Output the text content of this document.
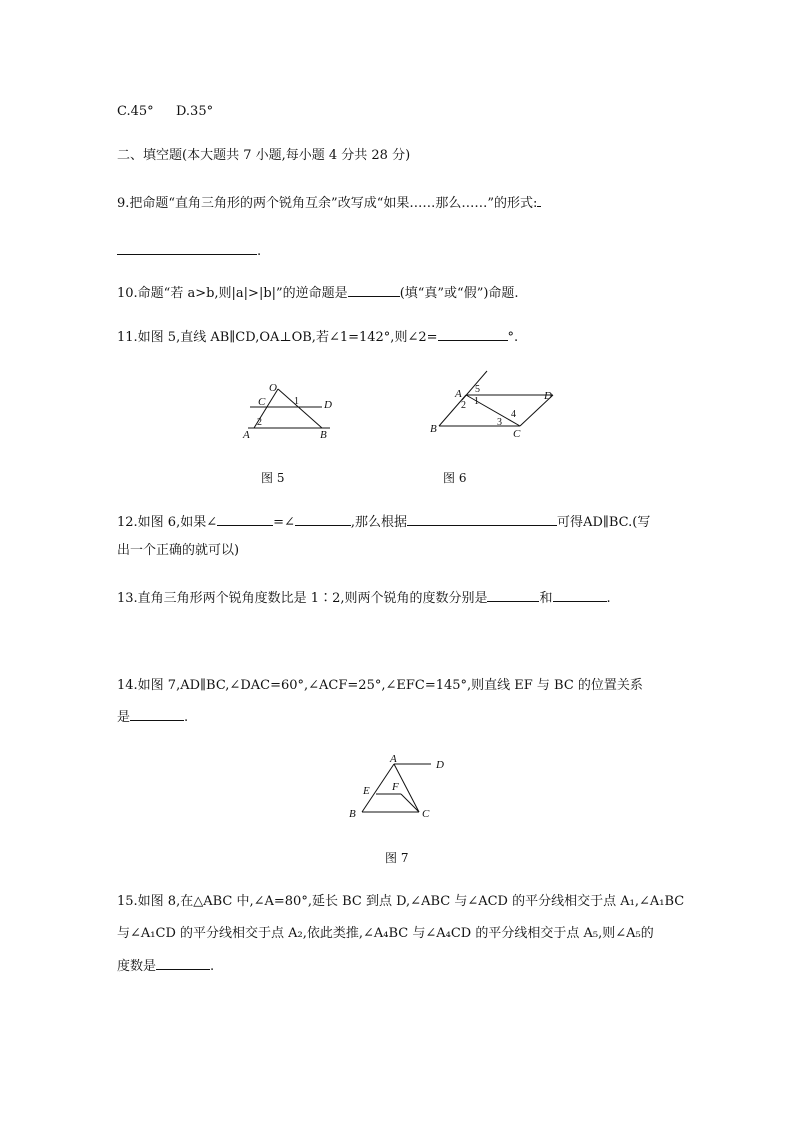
C.45° D.35°
二、填空题(本大题共 7 小题,每小题 4 分共 28 分)
9.把命题“直角三角形的两个锐角互余”改写成“如果……那么……”的形式:
.
10.命题“若 a>b,则|a|>|b|”的逆命题是	(填“真”或“假”)命题.
11.如图 5,直线 AB∥CD,OA⊥OB,若∠1=142°,则∠2=	°.
O
C	D
A	B
1
2
图 5
A	D
B	C
5
2 1
3
4
图 6
12.如图 6,如果∠	=∠	,那么根据	可得AD∥BC.(写
出一个正确的就可以)
13.直角三角形两个锐角度数比是 1∶2,则两个锐角的度数分别是	和	.
14.如图 7,AD∥BC,∠DAC=60°,∠ACF=25°,∠EFC=145°,则直线 EF 与 BC 的位置关系
是	.
A	D
E F
B	C
图 7
15.如图 8,在△ABC 中,∠A=80°,延长 BC 到点 D,∠ABC 与∠ACD 的平分线相交于点 A₁,∠A₁BC
与∠A₁CD 的平分线相交于点 A₂,依此类推,∠A₄BC 与∠A₄CD 的平分线相交于点 A₅,则∠A₅的
度数是	.
